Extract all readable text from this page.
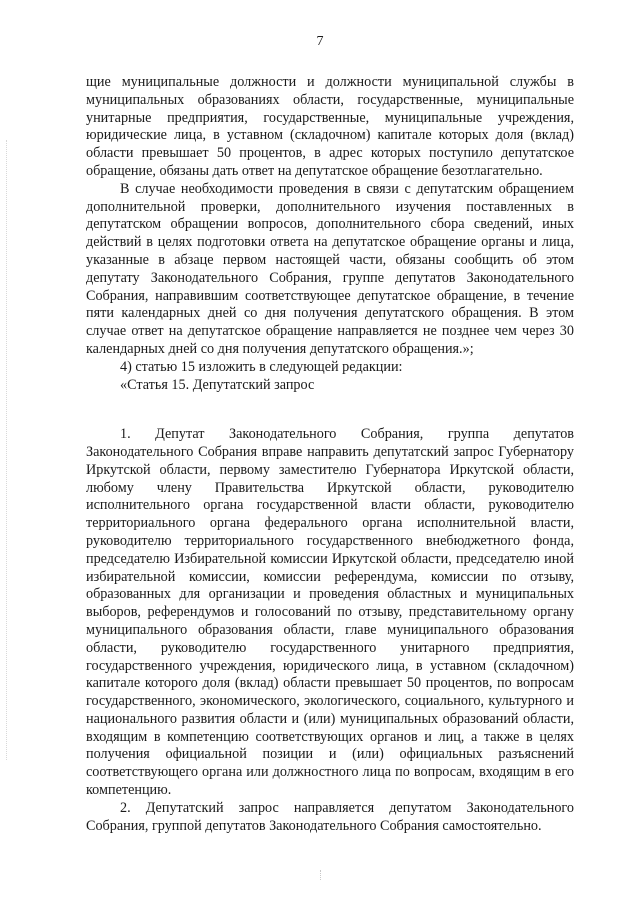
7

щие муниципальные должности и должности муниципальной службы в муниципальных образованиях области, государственные, муниципальные унитарные предприятия, государственные, муниципальные учреждения, юридические лица, в уставном (складочном) капитале которых доля (вклад) области превышает 50 процентов, в адрес которых поступило депутатское обращение, обязаны дать ответ на депутатское обращение безотлагательно.

В случае необходимости проведения в связи с депутатским обращением дополнительной проверки, дополнительного изучения поставленных в депутатском обращении вопросов, дополнительного сбора сведений, иных действий в целях подготовки ответа на депутатское обращение органы и лица, указанные в абзаце первом настоящей части, обязаны сообщить об этом депутату Законодательного Собрания, группе депутатов Законодательного Собрания, направившим соответствующее депутатское обращение, в течение пяти календарных дней со дня получения депутатского обращения. В этом случае ответ на депутатское обращение направляется не позднее чем через 30 календарных дней со дня получения депутатского обращения.»;

4) статью 15 изложить в следующей редакции:

«Статья 15. Депутатский запрос

1. Депутат Законодательного Собрания, группа депутатов Законодательного Собрания вправе направить депутатский запрос Губернатору Иркутской области, первому заместителю Губернатора Иркутской области, любому члену Правительства Иркутской области, руководителю исполнительного органа государственной власти области, руководителю территориального органа федерального органа исполнительной власти, руководителю территориального государственного внебюджетного фонда, председателю Избирательной комиссии Иркутской области, председателю иной избирательной комиссии, комиссии референдума, комиссии по отзыву, образованных для организации и проведения областных и муниципальных выборов, референдумов и голосований по отзыву, представительному органу муниципального образования области, главе муниципального образования области, руководителю государственного унитарного предприятия, государственного учреждения, юридического лица, в уставном (складочном) капитале которого доля (вклад) области превышает 50 процентов, по вопросам государственного, экономического, экологического, социального, культурного и национального развития области и (или) муниципальных образований области, входящим в компетенцию соответствующих органов и лиц, а также в целях получения официальной позиции и (или) официальных разъяснений соответствующего органа или должностного лица по вопросам, входящим в его компетенцию.

2. Депутатский запрос направляется депутатом Законодательного Собрания, группой депутатов Законодательного Собрания самостоятельно.
